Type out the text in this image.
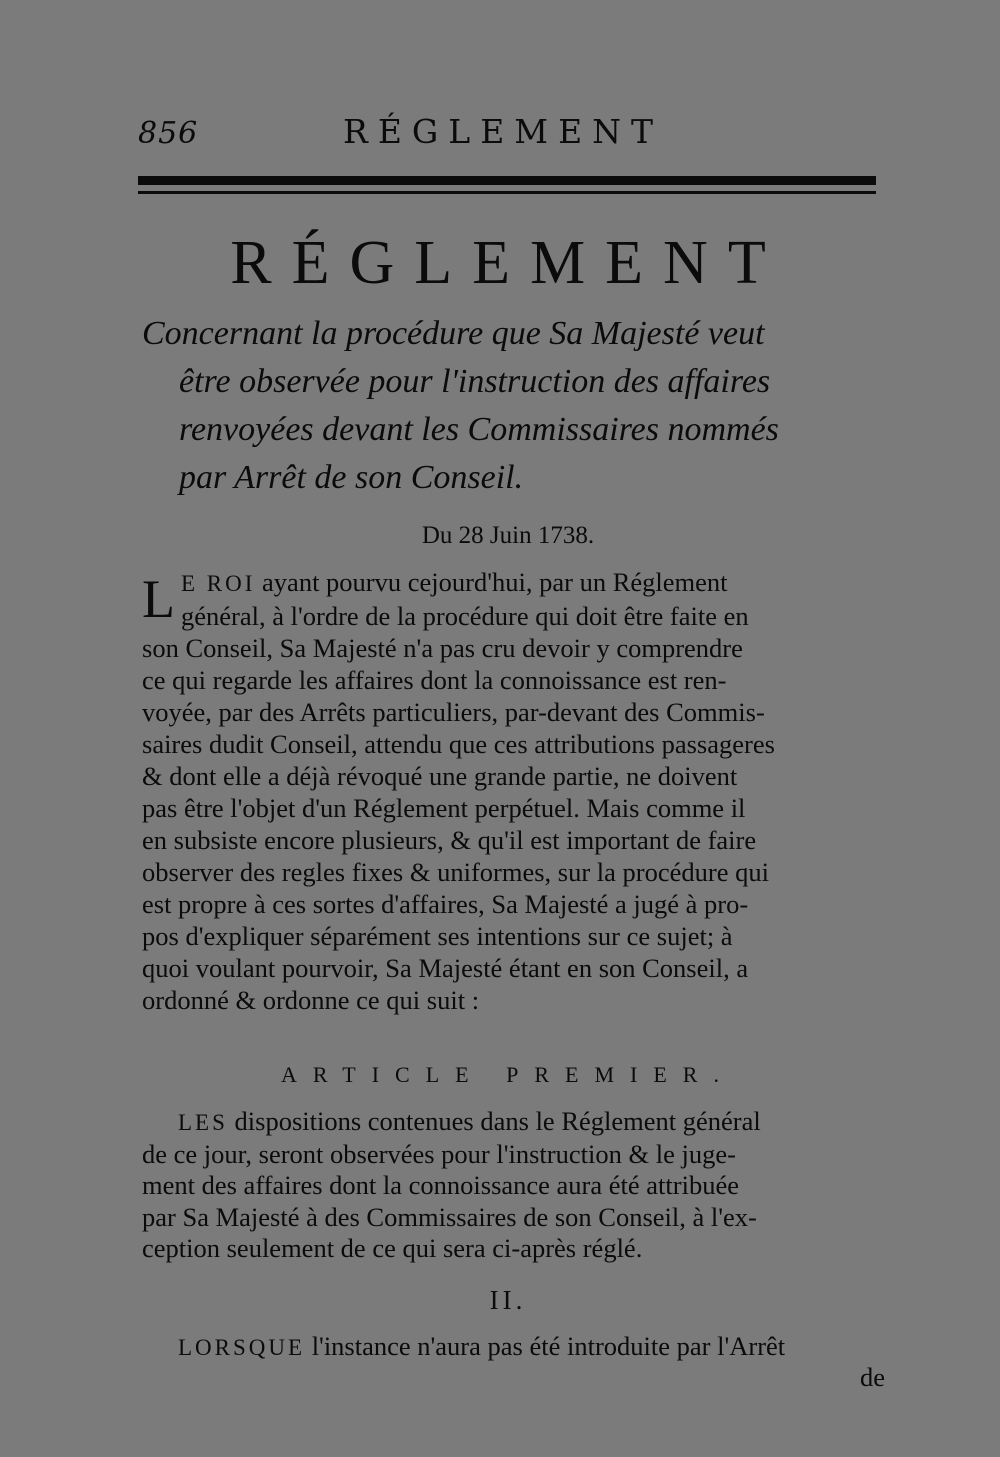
856	RÉGLEMENT
RÉGLEMENT
Concernant la procédure que Sa Majesté veut
être observée pour l'instruction des affaires
renvoyées devant les Commissaires nommés
par Arrêt de son Conseil.
Du 28 Juin 1738.
L E ROI ayant pourvu cejourd'hui, par un Réglement
général, à l'ordre de la procédure qui doit être faite en
son Conseil, Sa Majesté n'a pas cru devoir y comprendre
ce qui regarde les affaires dont la connoissance est ren-
voyée, par des Arrêts particuliers, par-devant des Commis-
saires dudit Conseil, attendu que ces attributions passageres
& dont elle a déjà révoqué une grande partie, ne doivent
pas être l'objet d'un Réglement perpétuel. Mais comme il
en subsiste encore plusieurs, & qu'il est important de faire
observer des regles fixes & uniformes, sur la procédure qui
est propre à ces sortes d'affaires, Sa Majesté a jugé à pro-
pos d'expliquer séparément ses intentions sur ce sujet; à
quoi voulant pourvoir, Sa Majesté étant en son Conseil, a
ordonné & ordonne ce qui suit :
ARTICLE PREMIER.
LES dispositions contenues dans le Réglement général
de ce jour, seront observées pour l'instruction & le juge-
ment des affaires dont la connoissance aura été attribuée
par Sa Majesté à des Commissaires de son Conseil, à l'ex-
ception seulement de ce qui sera ci-après réglé.
II.
LORSQUE l'instance n'aura pas été introduite par l'Arrêt
de
